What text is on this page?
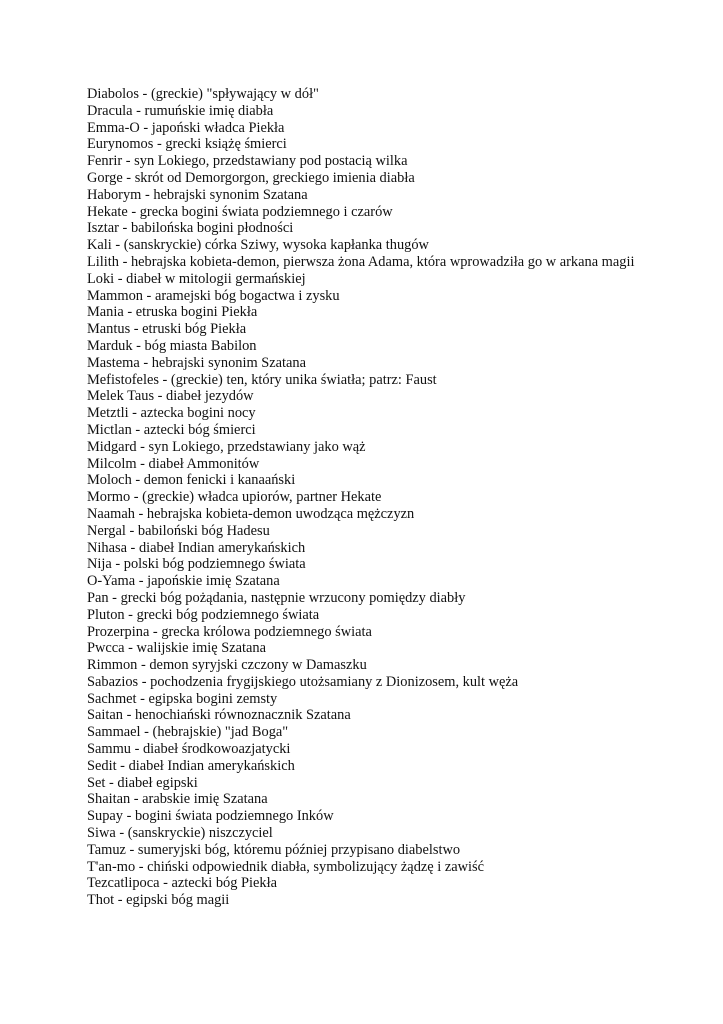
Diabolos - (greckie) "spływający w dół"
Dracula - rumuńskie imię diabła
Emma-O - japoński władca Piekła
Eurynomos - grecki książę śmierci
Fenrir - syn Lokiego, przedstawiany pod postacią wilka
Gorge - skrót od Demorgorgon, greckiego imienia diabła
Haborym - hebrajski synonim Szatana
Hekate - grecka bogini świata podziemnego i czarów
Isztar - babilońska bogini płodności
Kali - (sanskryckie) córka Sziwy, wysoka kapłanka thugów
Lilith - hebrajska kobieta-demon, pierwsza żona Adama, która wprowadziła go w arkana magii
Loki - diabeł w mitologii germańskiej
Mammon - aramejski bóg bogactwa i zysku
Mania - etruska bogini Piekła
Mantus - etruski bóg Piekła
Marduk - bóg miasta Babilon
Mastema - hebrajski synonim Szatana
Mefistofeles - (greckie) ten, który unika światła; patrz: Faust
Melek Taus - diabeł jezydów
Metztli - aztecka bogini nocy
Mictlan - aztecki bóg śmierci
Midgard - syn Lokiego, przedstawiany jako wąż
Milcolm - diabeł Ammonitów
Moloch - demon fenicki i kanaański
Mormo - (greckie) władca upiorów, partner Hekate
Naamah - hebrajska kobieta-demon uwodząca mężczyzn
Nergal - babiloński bóg Hadesu
Nihasa - diabeł Indian amerykańskich
Nija - polski bóg podziemnego świata
O-Yama - japońskie imię Szatana
Pan - grecki bóg pożądania, następnie wrzucony pomiędzy diabły
Pluton - grecki bóg podziemnego świata
Prozerpina - grecka królowa podziemnego świata
Pwcca - walijskie imię Szatana
Rimmon - demon syryjski czczony w Damaszku
Sabazios - pochodzenia frygijskiego utożsamiany z Dionizosem, kult węża
Sachmet - egipska bogini zemsty
Saitan - henochiański równoznacznik Szatana
Sammael - (hebrajskie) "jad Boga"
Sammu - diabeł środkowoazjatycki
Sedit - diabeł Indian amerykańskich
Set - diabeł egipski
Shaitan - arabskie imię Szatana
Supay - bogini świata podziemnego Inków
Siwa - (sanskryckie) niszczyciel
Tamuz - sumeryjski bóg, któremu później przypisano diabelstwo
T'an-mo - chiński odpowiednik diabła, symbolizujący żądzę i zawiść
Tezcatlipoca - aztecki bóg Piekła
Thot - egipski bóg magii
